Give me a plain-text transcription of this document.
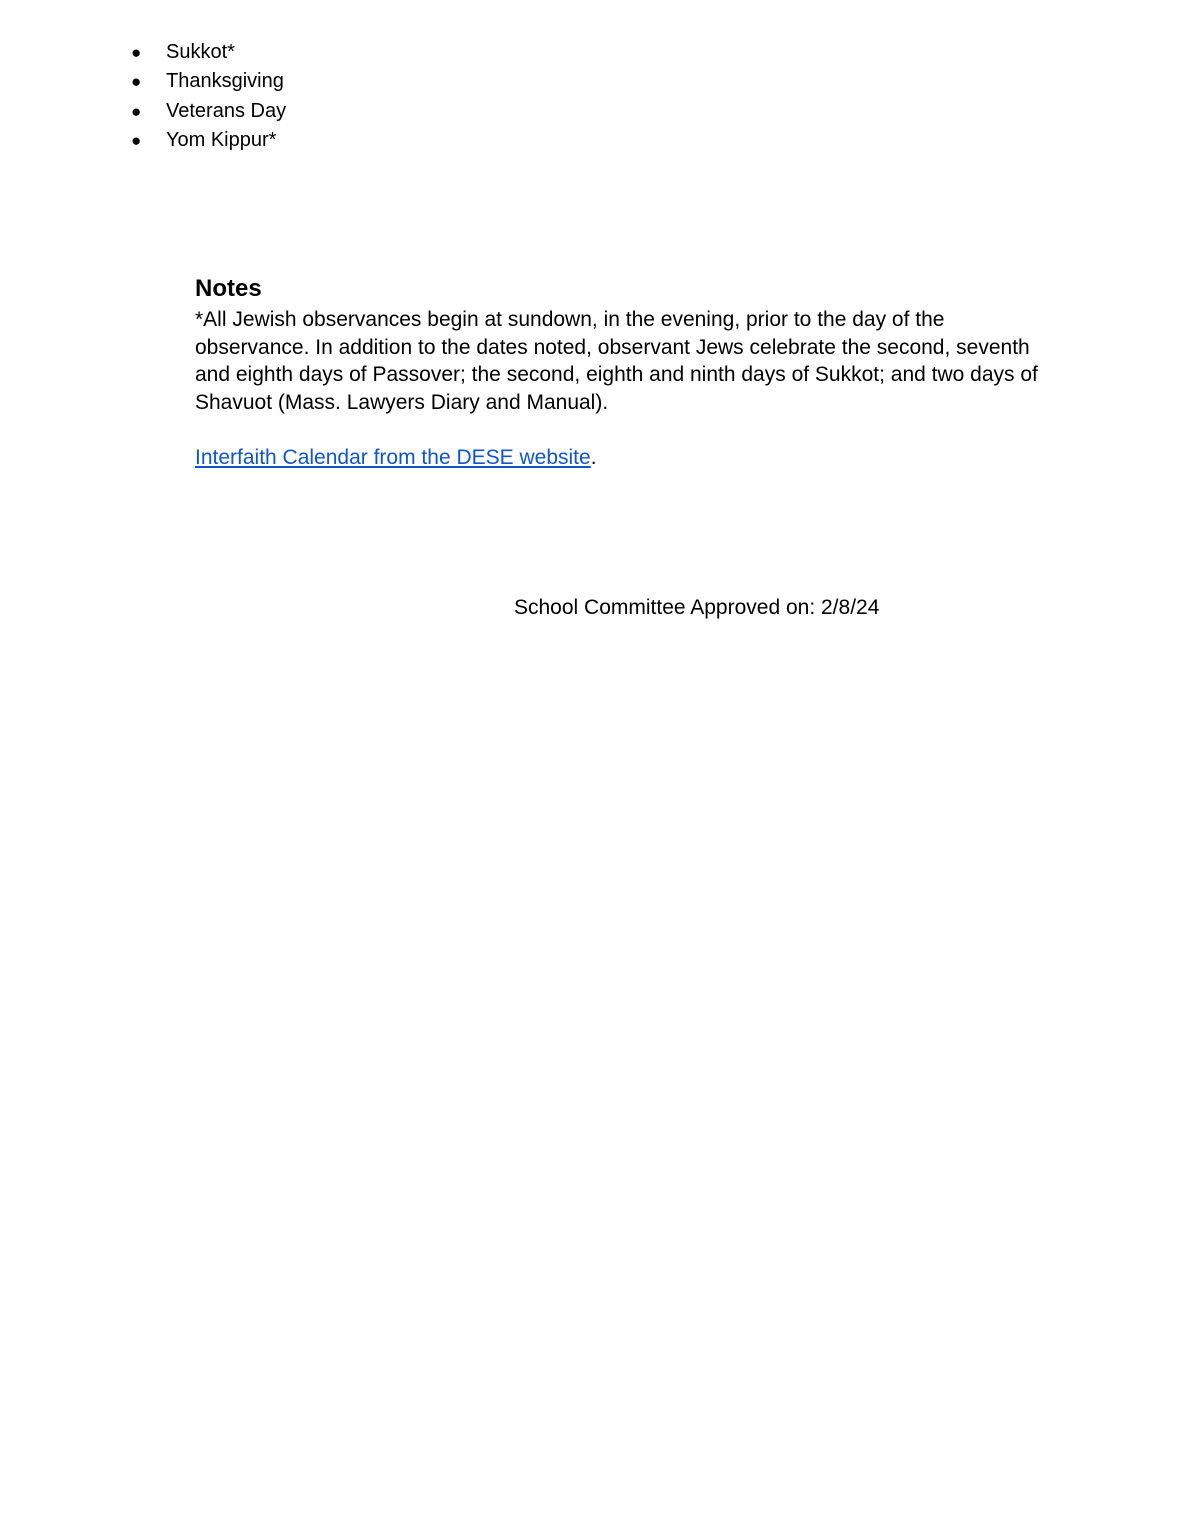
● Sukkot*
● Thanksgiving
● Veterans Day
● Yom Kippur*
Notes

*All Jewish observances begin at sundown, in the evening, prior to the day of the observance. In addition to the dates noted, observant Jews celebrate the second, seventh and eighth days of Passover; the second, eighth and ninth days of Sukkot; and two days of Shavuot (Mass. Lawyers Diary and Manual).

Interfaith Calendar from the DESE website.

School Committee Approved on: 2/8/24
